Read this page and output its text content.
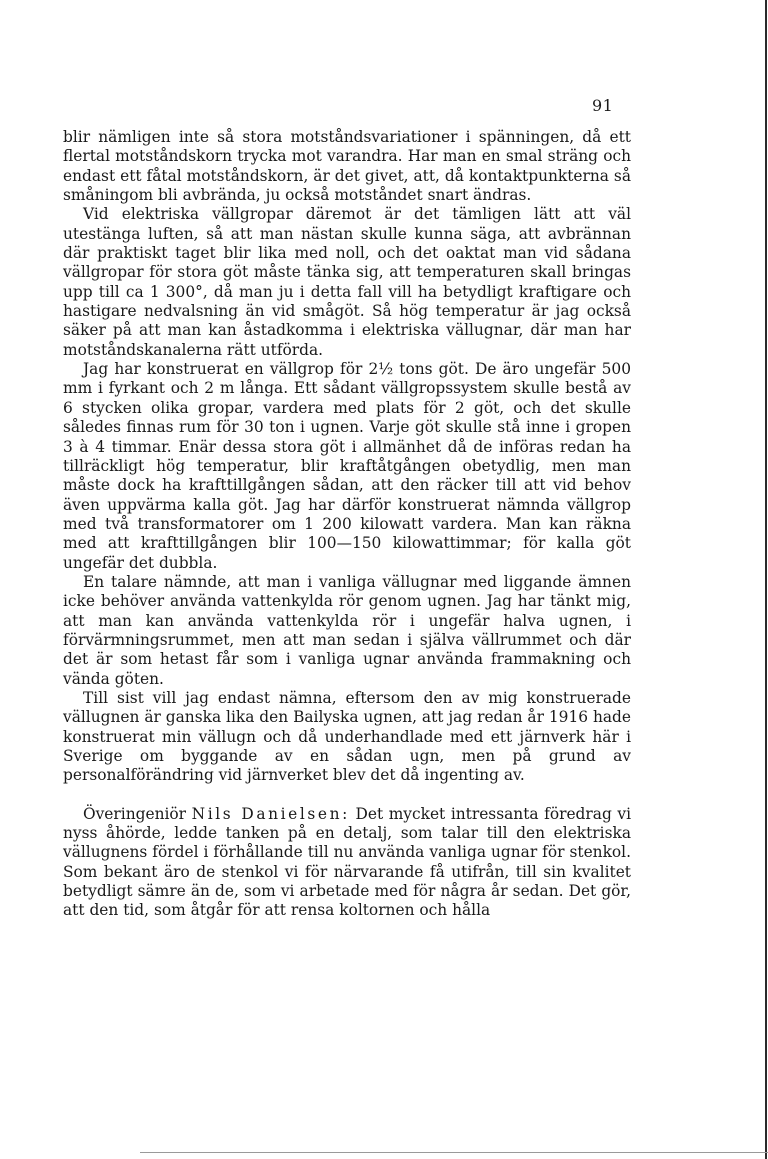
91

blir nämligen inte så stora motståndsvariationer i spänningen, då ett flertal motståndskorn trycka mot varandra. Har man en smal sträng och endast ett fåtal motståndskorn, är det givet, att, då kontaktpunkterna så småningom bli avbrända, ju också motståndet snart ändras.

Vid elektriska vällgropar däremot är det tämligen lätt att väl utestänga luften, så att man nästan skulle kunna säga, att avbrännan där praktiskt taget blir lika med noll, och det oaktat man vid sådana vällgropar för stora göt måste tänka sig, att temperaturen skall bringas upp till ca 1 300°, då man ju i detta fall vill ha betydligt kraftigare och hastigare nedvalsning än vid smågöt. Så hög temperatur är jag också säker på att man kan åstadkomma i elektriska vällugnar, där man har motståndskanalerna rätt utförda.

Jag har konstruerat en vällgrop för 2½ tons göt. De äro ungefär 500 mm i fyrkant och 2 m långa. Ett sådant vällgropssystem skulle bestå av 6 stycken olika gropar, vardera med plats för 2 göt, och det skulle således finnas rum för 30 ton i ugnen. Varje göt skulle stå inne i gropen 3 à 4 timmar. Enär dessa stora göt i allmänhet då de införas redan ha tillräckligt hög temperatur, blir kraftåtgången obetydlig, men man måste dock ha krafttillgången sådan, att den räcker till att vid behov även uppvärma kalla göt. Jag har därför konstruerat nämnda vällgrop med två transformatorer om 1 200 kilowatt vardera. Man kan räkna med att krafttillgången blir 100—150 kilowattimmar; för kalla göt ungefär det dubbla.

En talare nämnde, att man i vanliga vällugnar med liggande ämnen icke behöver använda vattenkylda rör genom ugnen. Jag har tänkt mig, att man kan använda vattenkylda rör i ungefär halva ugnen, i förvärmningsrummet, men att man sedan i själva vällrummet och där det är som hetast får som i vanliga ugnar använda frammakning och vända göten.

Till sist vill jag endast nämna, eftersom den av mig konstruerade vällugnen är ganska lika den Bailyska ugnen, att jag redan år 1916 hade konstruerat min vällugn och då underhandlade med ett järnverk här i Sverige om byggande av en sådan ugn, men på grund av personalförändring vid järnverket blev det då ingenting av.

Överingeniör Nils Danielsen: Det mycket intressanta föredrag vi nyss åhörde, ledde tanken på en detalj, som talar till den elektriska vällugnens fördel i förhållande till nu använda vanliga ugnar för stenkol. Som bekant äro de stenkol vi för närvarande få utifrån, till sin kvalitet betydligt sämre än de, som vi arbetade med för några år sedan. Det gör, att den tid, som åtgår för att rensa koltornen och hålla
